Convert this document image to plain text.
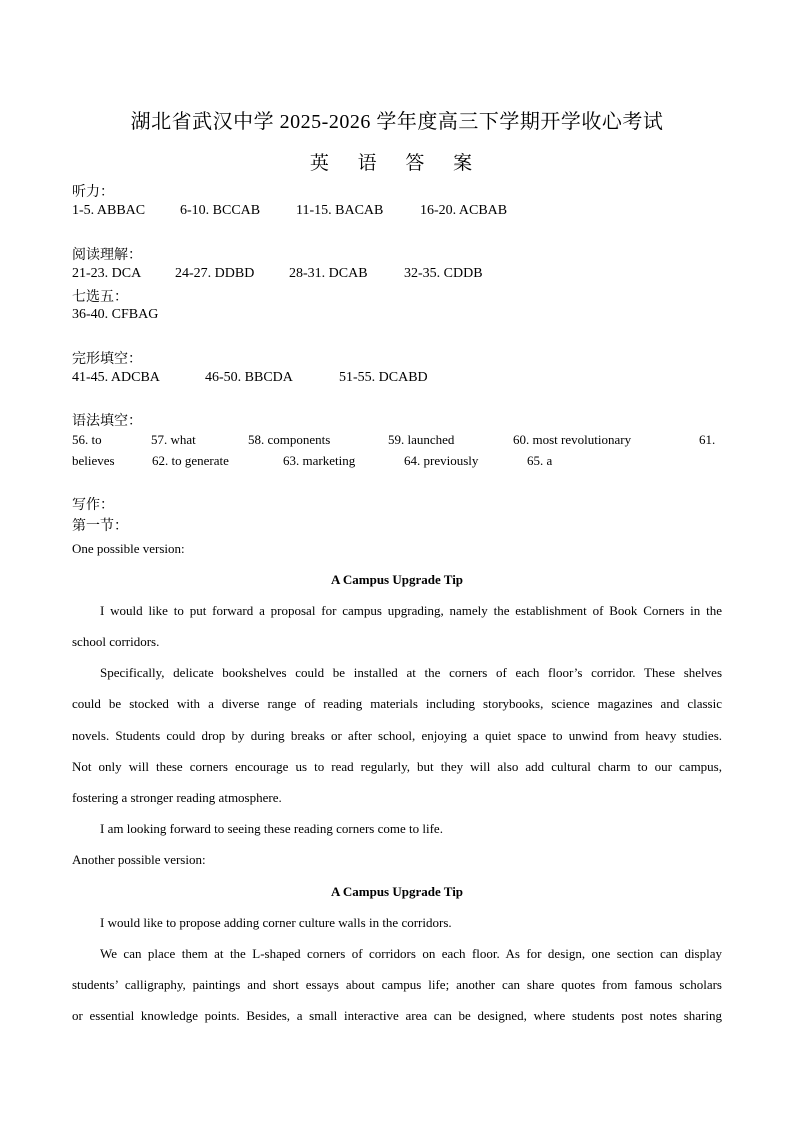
湖北省武汉中学 2025-2026 学年度高三下学期开学收心考试
英 语 答 案
听力：
1-5. ABBAC 6-10. BCCAB	11-15. BACAB	16-20. ACBAB
阅读理解：
21-23. DCA 24-27. DDBD 28-31. DCAB	32-35. CDDB
七选五：
36-40. CFBAG
完形填空：
41-45. ADCBA	46-50. BBCDA	51-55. DCABD
语法填空：
56. to	57. what	58. components	59. launched	60. most revolutionary	61.
believes	62. to generate	63. marketing	64. previously	65. a
写作：
第一节：
One possible version:
A Campus Upgrade Tip
I would like to put forward a proposal for campus upgrading, namely the establishment of Book Corners in the
school corridors.
Specifically, delicate bookshelves could be installed at the corners of each floor’s corridor. These shelves
could be stocked with a diverse range of reading materials including storybooks, science magazines and classic
novels. Students could drop by during breaks or after school, enjoying a quiet space to unwind from heavy studies.
Not only will these corners encourage us to read regularly, but they will also add cultural charm to our campus,
fostering a stronger reading atmosphere.
I am looking forward to seeing these reading corners come to life.
Another possible version:
A Campus Upgrade Tip
I would like to propose adding corner culture walls in the corridors.
We can place them at the L-shaped corners of corridors on each floor. As for design, one section can display
students’ calligraphy, paintings and short essays about campus life; another can share quotes from famous scholars
or essential knowledge points. Besides, a small interactive area can be designed, where students post notes sharing
